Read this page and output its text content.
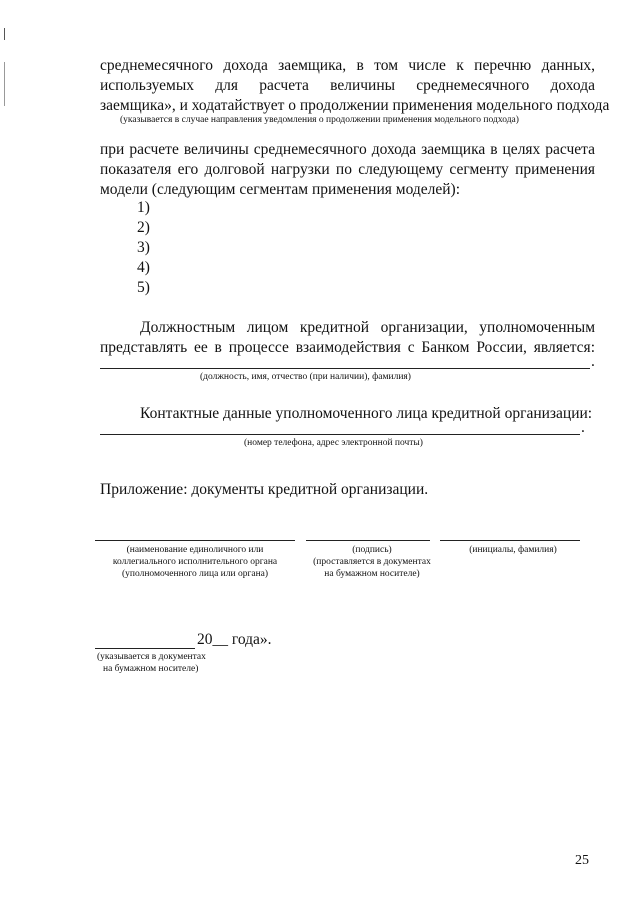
среднемесячного дохода заемщика, в том числе к перечню данных,
используемых для расчета величины среднемесячного дохода
заемщика», и ходатайствует о продолжении применения модельного подхода
(указывается в случае направления уведомления о продолжении применения модельного подхода)
при расчете величины среднемесячного дохода заемщика в целях расчета
показателя его долговой нагрузки по следующему сегменту применения
модели (следующим сегментам применения моделей):
1)
2)
3)
4)
5)
Должностным лицом кредитной организации, уполномоченным
представлять ее в процессе взаимодействия с Банком России, является:
.
(должность, имя, отчество (при наличии), фамилия)
Контактные данные уполномоченного лица кредитной организации:
.
(номер телефона, адрес электронной почты)
Приложение: документы кредитной организации.
(наименование единоличного или
коллегиального исполнительного органа
(уполномоченного лица или органа)
(подпись)
(проставляется в документах
на бумажном носителе)
(инициалы, фамилия)
20__ года».
(указывается в документах
на бумажном носителе)
25
